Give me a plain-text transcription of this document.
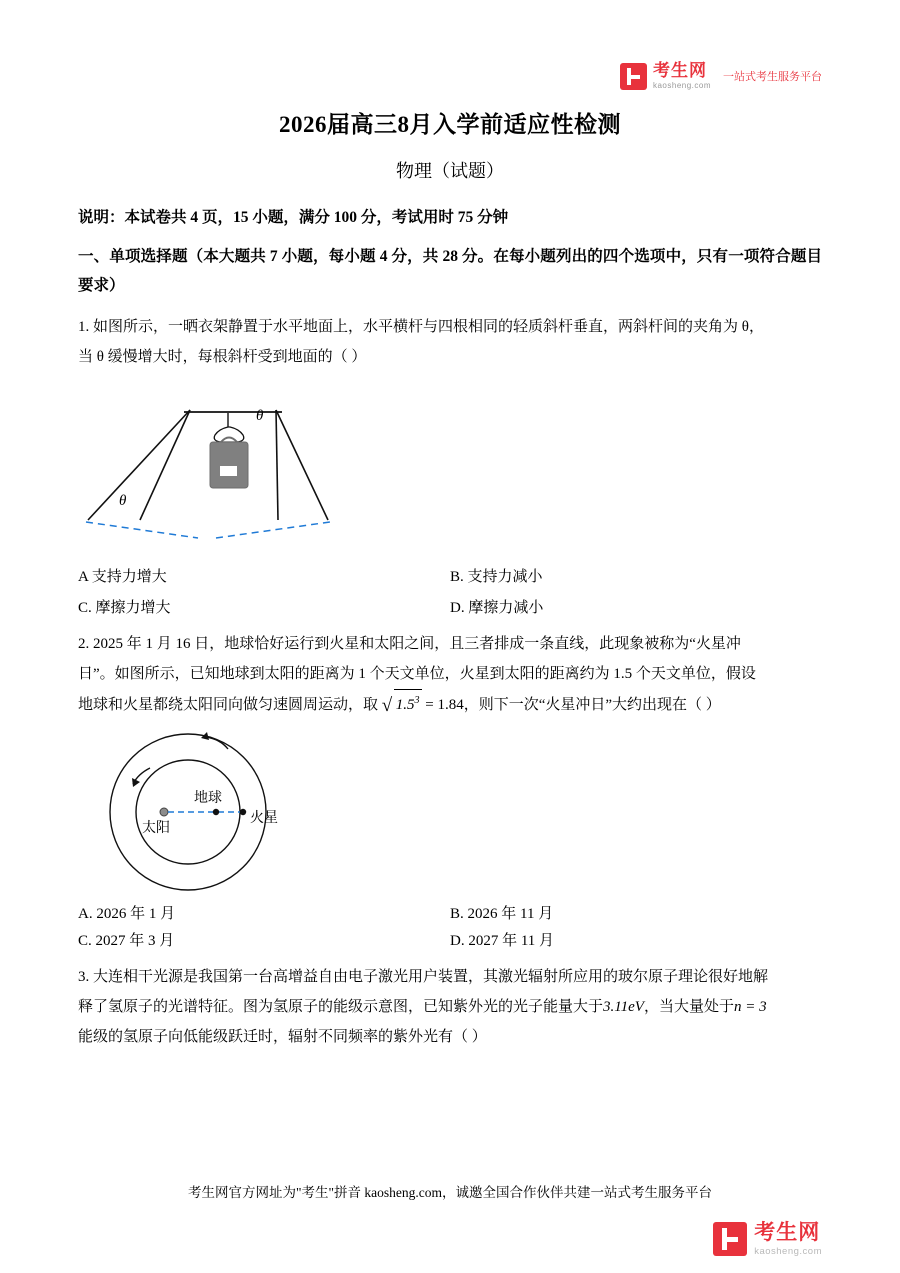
考生网
kaosheng.com
一站式考生服务平台
2026届高三8月入学前适应性检测
物理（试题）
说明：本试卷共 4 页，15 小题，满分 100 分，考试用时 75 分钟
一、单项选择题（本大题共 7 小题，每小题 4 分，共 28 分。在每小题列出的四个选项中，只有一项符合题目要求）
1. 如图所示，一晒衣架静置于水平地面上，水平横杆与四根相同的轻质斜杆垂直，两斜杆间的夹角为 θ，
当 θ 缓慢增大时，每根斜杆受到地面的（ ）
θ
θ
A 支持力增大	B. 支持力减小
C. 摩擦力增大	D. 摩擦力减小
2. 2025 年 1 月 16 日，地球恰好运行到火星和太阳之间，且三者排成一条直线，此现象被称为“火星冲
日”。如图所示，已知地球到太阳的距离为 1 个天文单位，火星到太阳的距离约为 1.5 个天文单位，假设
地球和火星都绕太阳同向做匀速圆周运动，取 √ $1.5^3 = 1.84$，则下一次“火星冲日”大约出现在（ ）
地球
太阳
火星
A. 2026 年 1 月	B. 2026 年 11 月
C. 2027 年 3 月	D. 2027 年 11 月
3. 大连相干光源是我国第一台高增益自由电子激光用户装置，其激光辐射所应用的玻尔原子理论很好地解
释了氢原子的光谱特征。图为氢原子的能级示意图，已知紫外光的光子能量大于3.11eV，当大量处于n = 3
能级的氢原子向低能级跃迁时，辐射不同频率的紫外光有（ ）
考生网官方网址为"考生"拼音 kaosheng.com，诚邀全国合作伙伴共建一站式考生服务平台
考生网
kaosheng.com
